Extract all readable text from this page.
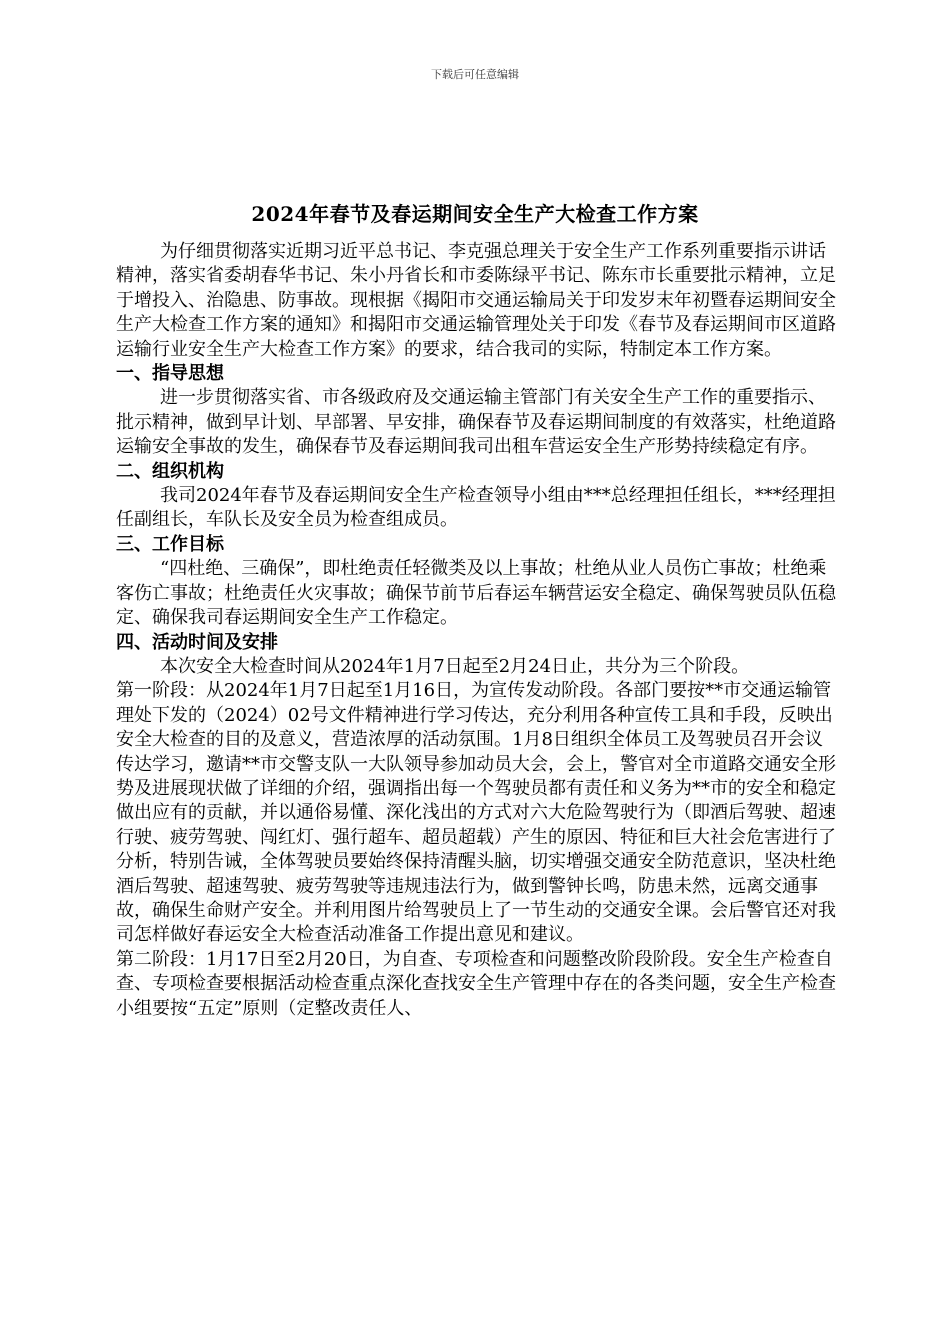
下载后可任意编辑
2024年春节及春运期间安全生产大检查工作方案

为仔细贯彻落实近期习近平总书记、李克强总理关于安全生产工作系列重要指示讲话精神，落实省委胡春华书记、朱小丹省长和市委陈绿平书记、陈东市长重要批示精神，立足于增投入、治隐患、防事故。现根据《揭阳市交通运输局关于印发岁末年初暨春运期间安全生产大检查工作方案的通知》和揭阳市交通运输管理处关于印发《春节及春运期间市区道路运输行业安全生产大检查工作方案》的要求，结合我司的实际，特制定本工作方案。

一、指导思想

进一步贯彻落实省、市各级政府及交通运输主管部门有关安全生产工作的重要指示、批示精神，做到早计划、早部署、早安排，确保春节及春运期间制度的有效落实，杜绝道路运输安全事故的发生，确保春节及春运期间我司出租车营运安全生产形势持续稳定有序。

二、组织机构

我司2024年春节及春运期间安全生产检查领导小组由***总经理担任组长，***经理担任副组长，车队长及安全员为检查组成员。

三、工作目标

“四杜绝、三确保”，即杜绝责任轻微类及以上事故；杜绝从业人员伤亡事故；杜绝乘客伤亡事故；杜绝责任火灾事故；确保节前节后春运车辆营运安全稳定、确保驾驶员队伍稳定、确保我司春运期间安全生产工作稳定。

四、活动时间及安排

本次安全大检查时间从2024年1月7日起至2月24日止，共分为三个阶段。

第一阶段：从2024年1月7日起至1月16日，为宣传发动阶段。各部门要按**市交通运输管理处下发的（2024）02号文件精神进行学习传达，充分利用各种宣传工具和手段，反映出安全大检查的目的及意义，营造浓厚的活动氛围。1月8日组织全体员工及驾驶员召开会议传达学习，邀请**市交警支队一大队领导参加动员大会，会上，警官对全市道路交通安全形势及进展现状做了详细的介绍，强调指出每一个驾驶员都有责任和义务为**市的安全和稳定做出应有的贡献，并以通俗易懂、深化浅出的方式对六大危险驾驶行为（即酒后驾驶、超速行驶、疲劳驾驶、闯红灯、强行超车、超员超载）产生的原因、特征和巨大社会危害进行了分析，特别告诫，全体驾驶员要始终保持清醒头脑，切实增强交通安全防范意识，坚决杜绝酒后驾驶、超速驾驶、疲劳驾驶等违规违法行为，做到警钟长鸣，防患未然，远离交通事故，确保生命财产安全。并利用图片给驾驶员上了一节生动的交通安全课。会后警官还对我司怎样做好春运安全大检查活动准备工作提出意见和建议。

第二阶段：1月17日至2月20日，为自查、专项检查和问题整改阶段阶段。安全生产检查自查、专项检查要根据活动检查重点深化查找安全生产管理中存在的各类问题，安全生产检查小组要按“五定”原则（定整改责任人、
